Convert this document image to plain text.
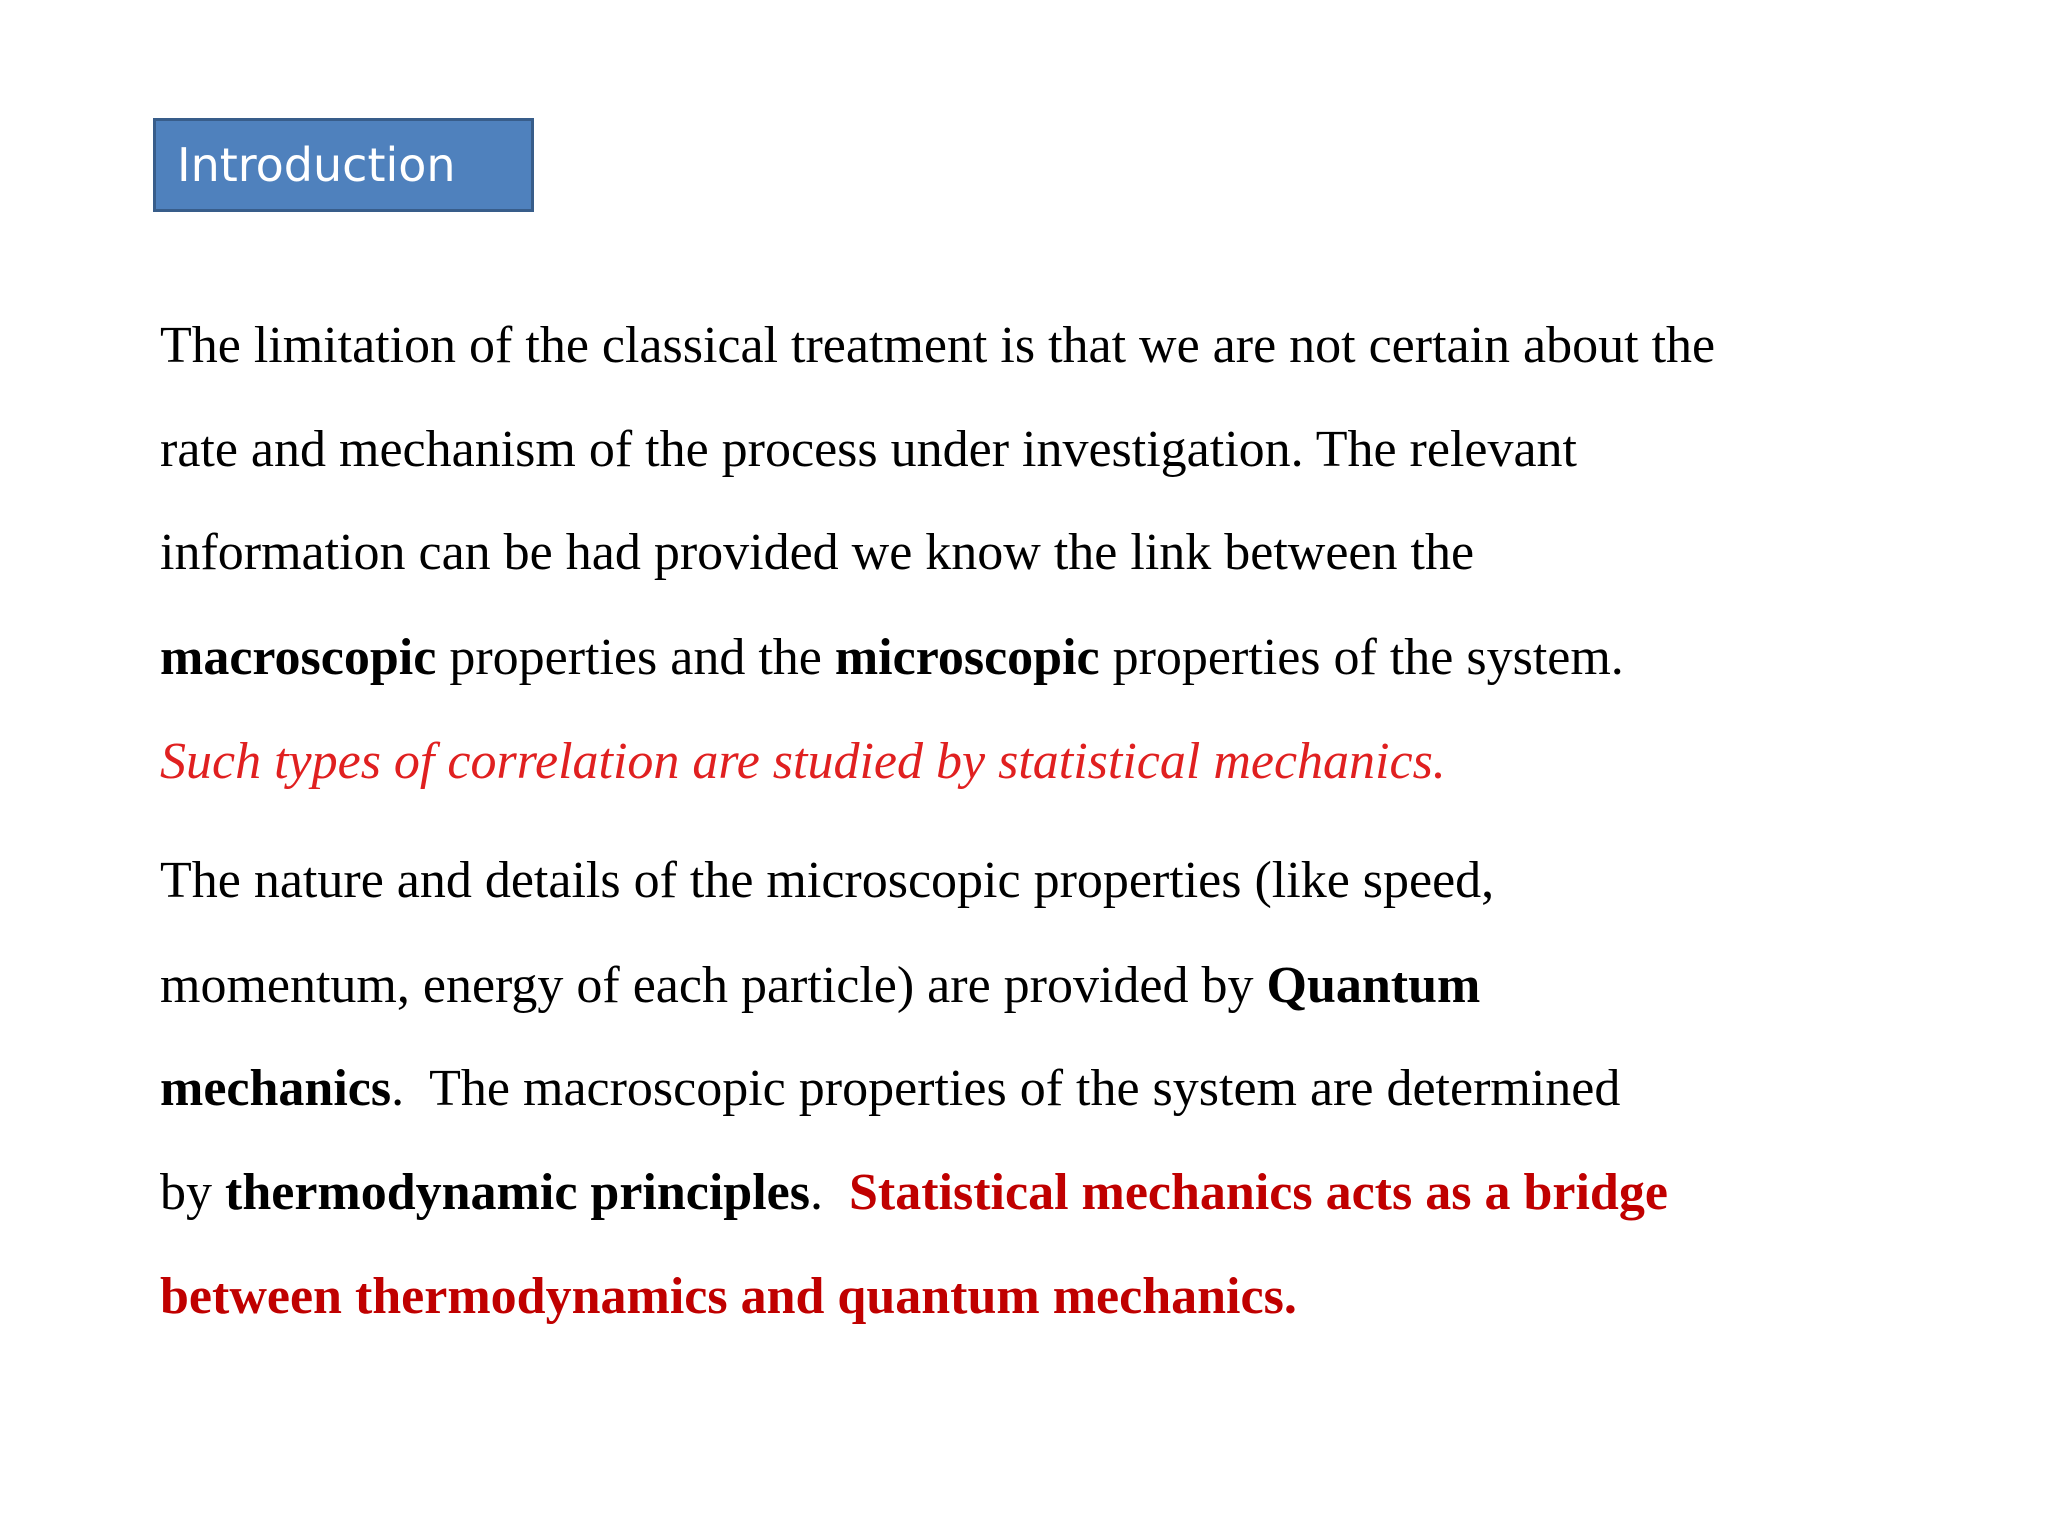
Introduction
The limitation of the classical treatment is that we are not certain about the
rate and mechanism of the process under investigation. The relevant
information can be had provided we know the link between the
macroscopic properties and the microscopic properties of the system.
Such types of correlation are studied by statistical mechanics.
The nature and details of the microscopic properties (like speed,
momentum, energy of each particle) are provided by Quantum
mechanics.  The macroscopic properties of the system are determined
by thermodynamic principles.  Statistical mechanics acts as a bridge
between thermodynamics and quantum mechanics.
